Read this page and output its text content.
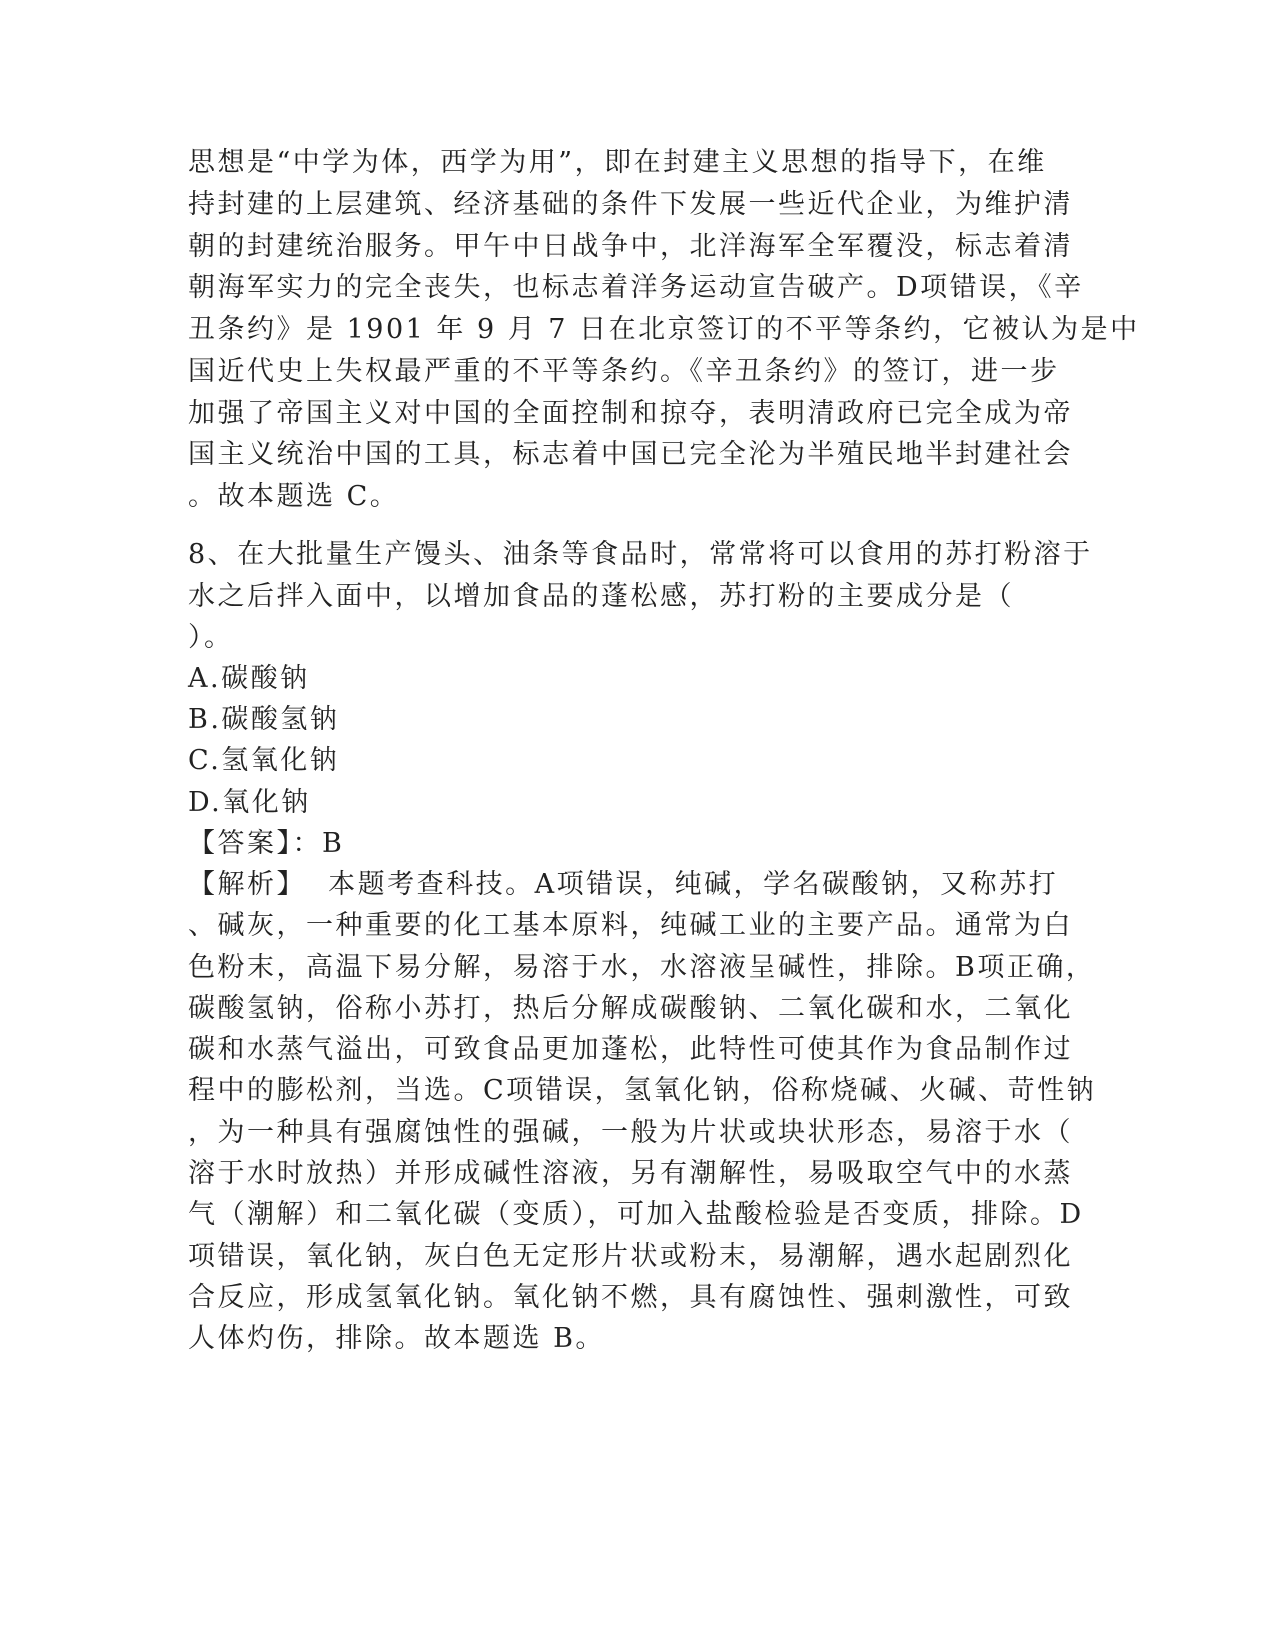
思想是“中学为体，西学为用”，即在封建主义思想的指导下，在维
持封建的上层建筑、经济基础的条件下发展一些近代企业，为维护清
朝的封建统治服务。甲午中日战争中，北洋海军全军覆没，标志着清
朝海军实力的完全丧失，也标志着洋务运动宣告破产。D项错误，《辛
丑条约》是 1901 年 9 月 7 日在北京签订的不平等条约，它被认为是中
国近代史上失权最严重的不平等条约。《辛丑条约》的签订，进一步
加强了帝国主义对中国的全面控制和掠夺，表明清政府已完全成为帝
国主义统治中国的工具，标志着中国已完全沦为半殖民地半封建社会
。故本题选 C。
8、在大批量生产馒头、油条等食品时，常常将可以食用的苏打粉溶于
水之后拌入面中，以增加食品的蓬松感，苏打粉的主要成分是（
）。
A.碳酸钠
B.碳酸氢钠
C.氢氧化钠
D.氧化钠
【答案】：B
【解析】  本题考查科技。A项错误，纯碱，学名碳酸钠，又称苏打
、碱灰，一种重要的化工基本原料，纯碱工业的主要产品。通常为白
色粉末，高温下易分解，易溶于水，水溶液呈碱性，排除。B项正确，
碳酸氢钠，俗称小苏打，热后分解成碳酸钠、二氧化碳和水，二氧化
碳和水蒸气溢出，可致食品更加蓬松，此特性可使其作为食品制作过
程中的膨松剂，当选。C项错误，氢氧化钠，俗称烧碱、火碱、苛性钠
，为一种具有强腐蚀性的强碱，一般为片状或块状形态，易溶于水（
溶于水时放热）并形成碱性溶液，另有潮解性，易吸取空气中的水蒸
气（潮解）和二氧化碳（变质），可加入盐酸检验是否变质，排除。D
项错误，氧化钠，灰白色无定形片状或粉末，易潮解，遇水起剧烈化
合反应，形成氢氧化钠。氧化钠不燃，具有腐蚀性、强刺激性，可致
人体灼伤，排除。故本题选 B。
